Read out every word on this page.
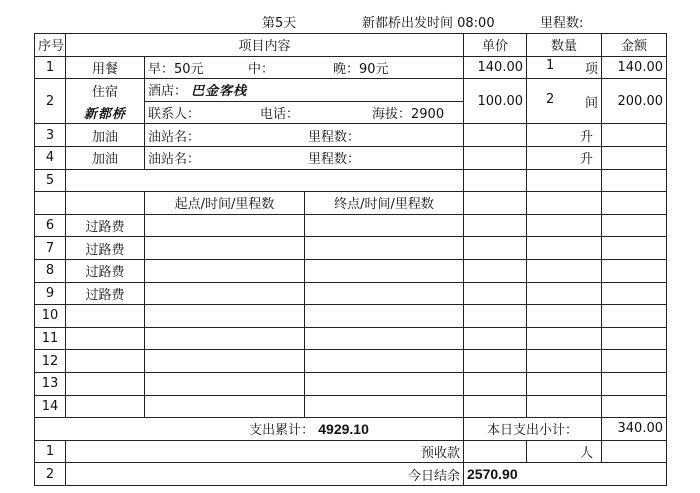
第5天	新都桥出发时间 08:00	里程数:
序号	项目内容			单价	数量	金额
1	用餐	早：50元 中： 晚：90元		140.00	1 项	140.00
2	住宿	酒店： 巴金客栈		100.00	2 间	200.00
	新都桥	联系人： 电话： 海拔：2900				

3	加油	油站名： 里程数：			升	
4	加油	油站名： 里程数：			升	
5						
		起点/时间/里程数	终点/时间/里程数			
6	过路费					
7	过路费					
8	过路费					
9	过路费					
10						
11						
12						
13						
14						
支出累计： 4929.10				本日支出小计：		340.00
1	预收款				人	
2	今日结余			2570.90		
